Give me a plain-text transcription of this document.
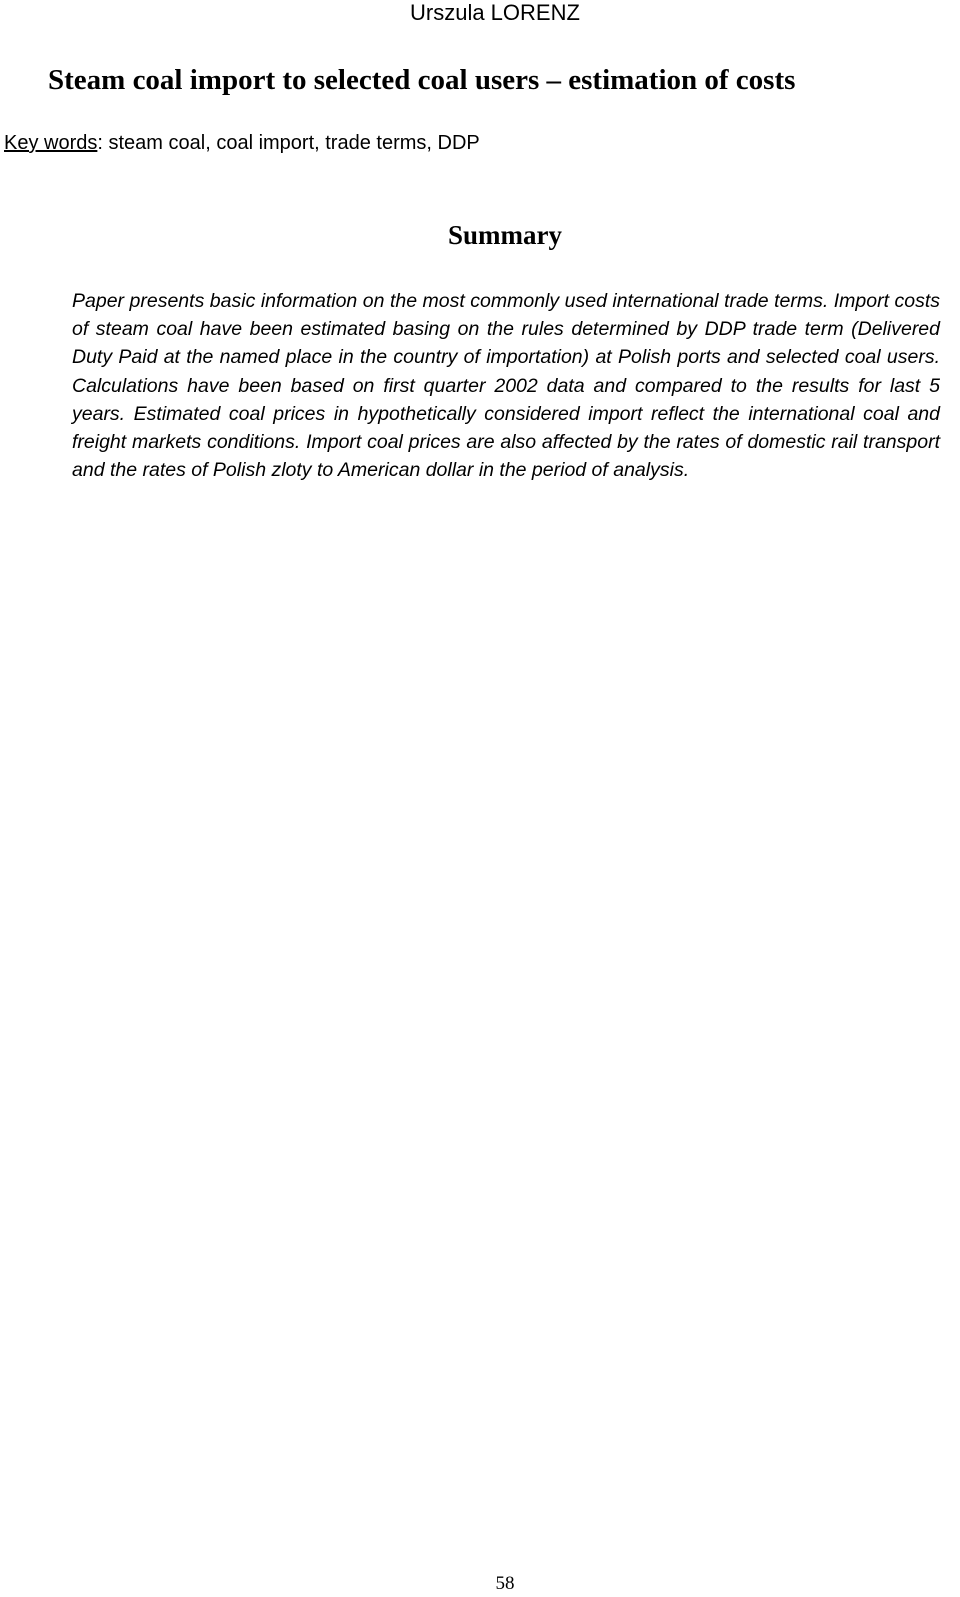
Urszula LORENZ
Steam coal import to selected coal users – estimation of costs
Key words: steam coal, coal import, trade terms, DDP
Summary

Paper presents basic information on the most commonly used international trade terms. Import costs of steam coal have been estimated basing on the rules determined by DDP trade term (Delivered Duty Paid at the named place in the country of importation) at Polish ports and selected coal users. Calculations have been based on first quarter 2002 data and compared to the results for last 5 years. Estimated coal prices in hypothetically considered import reflect the international coal and freight markets conditions. Import coal prices are also affected by the rates of domestic rail transport and the rates of Polish zloty to American dollar in the period of analysis.

58
